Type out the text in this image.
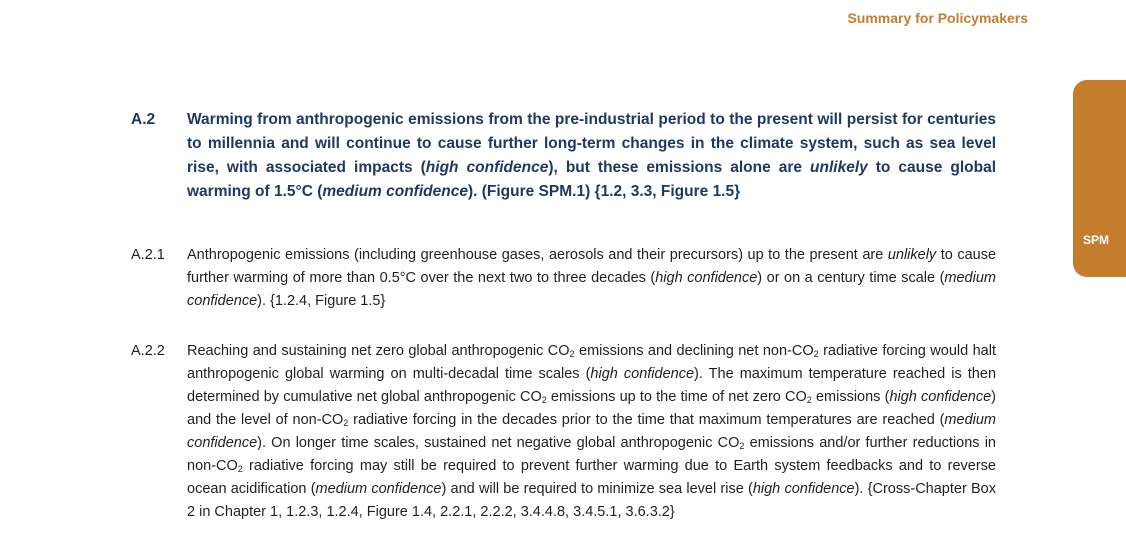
Summary for Policymakers
SPM
A.2 Warming from anthropogenic emissions from the pre-industrial period to the present will persist for centuries to millennia and will continue to cause further long-term changes in the climate system, such as sea level rise, with associated impacts (high confidence), but these emissions alone are unlikely to cause global warming of 1.5°C (medium confidence). (Figure SPM.1) {1.2, 3.3, Figure 1.5}
A.2.1 Anthropogenic emissions (including greenhouse gases, aerosols and their precursors) up to the present are unlikely to cause further warming of more than 0.5°C over the next two to three decades (high confidence) or on a century time scale (medium confidence). {1.2.4, Figure 1.5}
A.2.2 Reaching and sustaining net zero global anthropogenic $CO_2$ emissions and declining net non-$CO_2$ radiative forcing would halt anthropogenic global warming on multi-decadal time scales (high confidence). The maximum temperature reached is then determined by cumulative net global anthropogenic $CO_2$ emissions up to the time of net zero $CO_2$ emissions (high confidence) and the level of non-$CO_2$ radiative forcing in the decades prior to the time that maximum temperatures are reached (medium confidence). On longer time scales, sustained net negative global anthropogenic $CO_2$ emissions and/or further reductions in non-$CO_2$ radiative forcing may still be required to prevent further warming due to Earth system feedbacks and to reverse ocean acidification (medium confidence) and will be required to minimize sea level rise (high confidence). {Cross-Chapter Box 2 in Chapter 1, 1.2.3, 1.2.4, Figure 1.4, 2.2.1, 2.2.2, 3.4.4.8, 3.4.5.1, 3.6.3.2}
